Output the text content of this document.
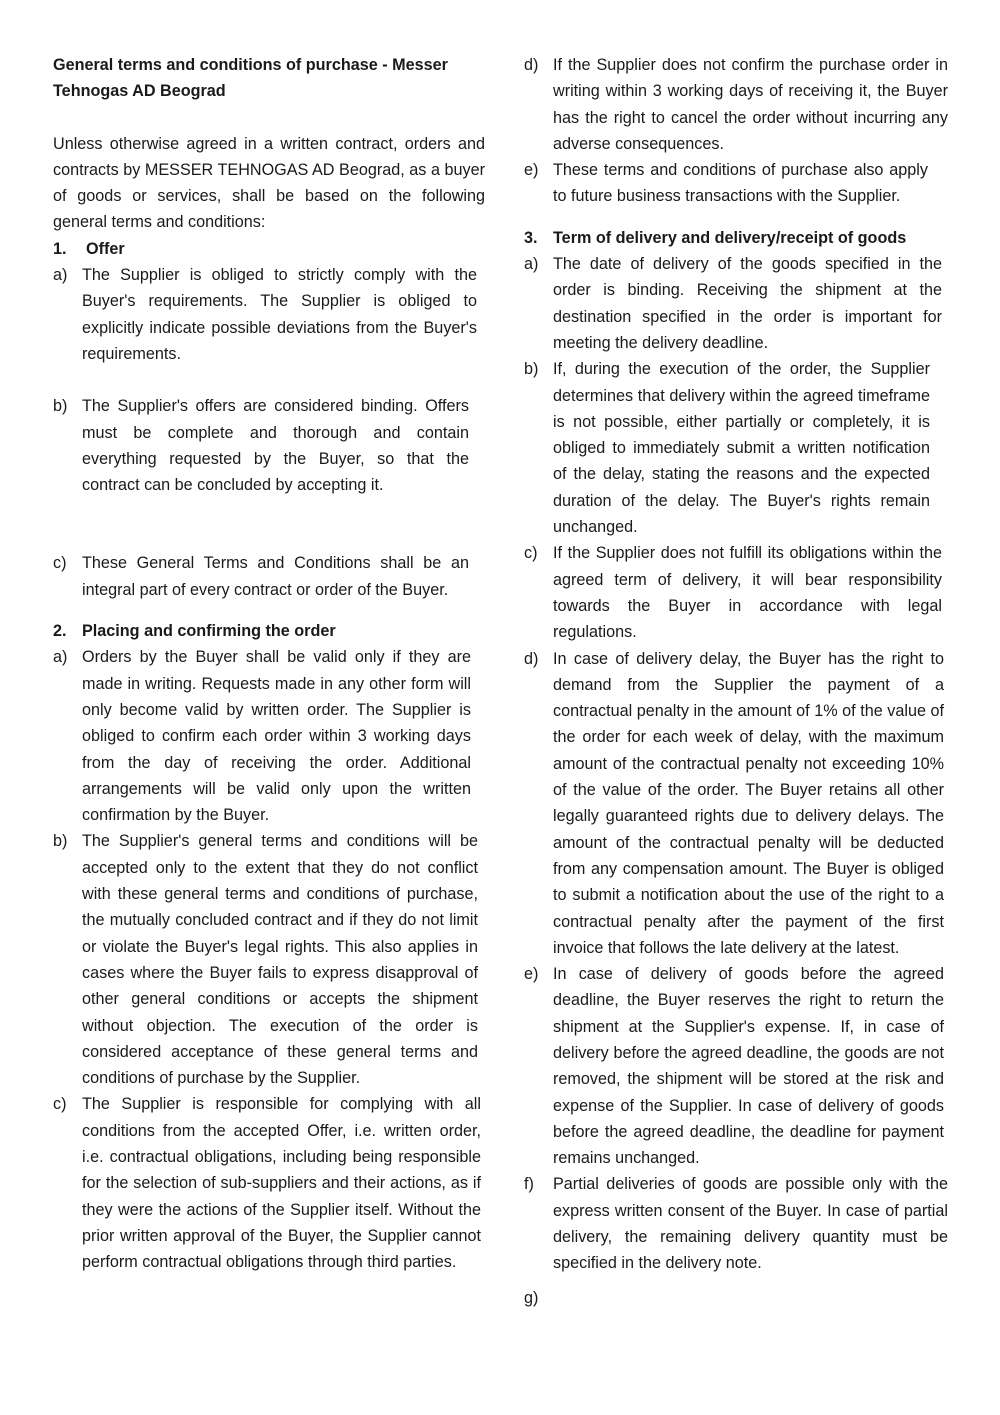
General terms and conditions of purchase - Messer Tehnogas AD Beograd

Unless otherwise agreed in a written contract, orders and contracts by MESSER TEHNOGAS AD Beograd, as a buyer of goods or services, shall be based on the following general terms and conditions:

1.	Offer
a) The Supplier is obliged to strictly comply with the Buyer's requirements. The Supplier is obliged to explicitly indicate possible deviations from the Buyer's requirements.
b) The Supplier's offers are considered binding. Offers must be complete and thorough and contain everything requested by the Buyer, so that the contract can be concluded by accepting it.
c) These General Terms and Conditions shall be an integral part of every contract or order of the Buyer.
2. Placing and confirming the order
a) Orders by the Buyer shall be valid only if they are made in writing. Requests made in any other form will only become valid by written order. The Supplier is obliged to confirm each order within 3 working days from the day of receiving the order. Additional arrangements will be valid only upon the written confirmation by the Buyer.
b) The Supplier's general terms and conditions will be accepted only to the extent that they do not conflict with these general terms and conditions of purchase, the mutually concluded contract and if they do not limit or violate the Buyer's legal rights. This also applies in cases where the Buyer fails to express disapproval of other general conditions or accepts the shipment without objection. The execution of the order is considered acceptance of these general terms and conditions of purchase by the Supplier.
c) The Supplier is responsible for complying with all conditions from the accepted Offer, i.e. written order, i.e. contractual obligations, including being responsible for the selection of sub-suppliers and their actions, as if they were the actions of the Supplier itself. Without the prior written approval of the Buyer, the Supplier cannot perform contractual obligations through third parties.
d) If the Supplier does not confirm the purchase order in writing within 3 working days of receiving it, the Buyer has the right to cancel the order without incurring any adverse consequences.
e) These terms and conditions of purchase also apply to future business transactions with the Supplier.
3. Term of delivery and delivery/receipt of goods
a) The date of delivery of the goods specified in the order is binding. Receiving the shipment at the destination specified in the order is important for meeting the delivery deadline.
b) If, during the execution of the order, the Supplier determines that delivery within the agreed timeframe is not possible, either partially or completely, it is obliged to immediately submit a written notification of the delay, stating the reasons and the expected duration of the delay. The Buyer's rights remain unchanged.
c) If the Supplier does not fulfill its obligations within the agreed term of delivery, it will bear responsibility towards the Buyer in accordance with legal regulations.
d) In case of delivery delay, the Buyer has the right to demand from the Supplier the payment of a contractual penalty in the amount of 1% of the value of the order for each week of delay, with the maximum amount of the contractual penalty not exceeding 10% of the value of the order. The Buyer retains all other legally guaranteed rights due to delivery delays. The amount of the contractual penalty will be deducted from any compensation amount. The Buyer is obliged to submit a notification about the use of the right to a contractual penalty after the payment of the first invoice that follows the late delivery at the latest.
e) In case of delivery of goods before the agreed deadline, the Buyer reserves the right to return the shipment at the Supplier's expense. If, in case of delivery before the agreed deadline, the goods are not removed, the shipment will be stored at the risk and expense of the Supplier. In case of delivery of goods before the agreed deadline, the deadline for payment remains unchanged.
f)	Partial deliveries of goods are possible only with the express written consent of the Buyer. In case of partial delivery, the remaining delivery quantity must be specified in the delivery note.
g)
